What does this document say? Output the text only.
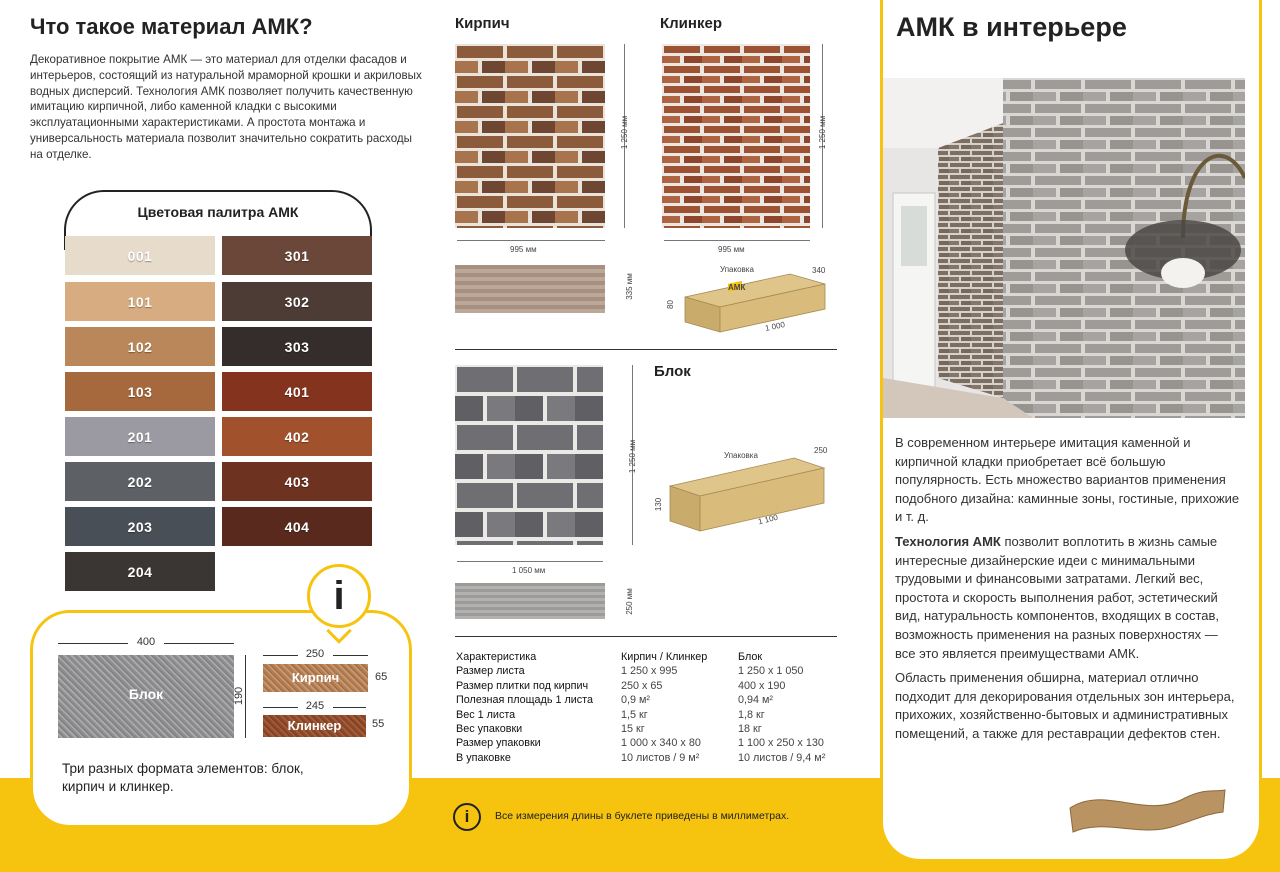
Что такое материал АМК?
Декоративное покрытие АМК — это материал для отделки фасадов и интерьеров, состоящий из натуральной мраморной крошки и акриловых водных дисперсий. Технология АМК позволяет получить качественную имитацию кирпичной, либо каменной кладки с высокими эксплуатационными характеристиками. А простота монтажа и универсальность материала позволит значительно сократить расходы на отделке.
Цветовая палитра АМК
001
101
102
103
201
202
203
204
301
302
303
401
402
403
404
i
400
Блок	190
250
Кирпич	65
245
Клинкер	55
Три разных формата элементов: блок, кирпич и клинкер.
Кирпич	Клинкер
1 250 мм
995 мм
335 мм
1 250 мм
995 мм
Упаковка	340
АМК
80
1 000
Блок
1 250 мм
1 050 мм
250 мм
Упаковка
250
130
1 100
Характеристика	Кирпич / Клинкер	Блок
Размер листа	1 250 х 995	1 250 х 1 050
Размер плитки под кирпич	250 х 65	400 х 190
Полезная площадь 1 листа	0,9 м²	0,94 м²
Вес 1 листа	1,5 кг	1,8 кг
Вес упаковки	15 кг	18 кг
Размер упаковки	1 000 х 340 х 80	1 100 х 250 х 130
В упаковке	10 листов / 9 м²	10 листов / 9,4 м²
i	Все измерения длины в буклете приведены в миллиметрах.
АМК в интерьере

В современном интерьере имитация каменной и кирпичной кладки приобретает всё большую популярность. Есть множество вариантов применения подобного дизайна: каминные зоны, гостиные, прихожие и т. д.

Технология АМК позволит воплотить в жизнь самые интересные дизайнерские идеи с минимальными трудовыми и финансовыми затратами. Легкий вес, простота и скорость выполнения работ, эстетический вид, натуральность компонентов, входящих в состав, возможность применения на разных поверхностях — все это является преимуществами АМК.

Область применения обширна, материал отлично подходит для декорирования отдельных зон интерьера, прихожих, хозяйственно-бытовых и административных помещений, а также для реставрации дефектов стен.
